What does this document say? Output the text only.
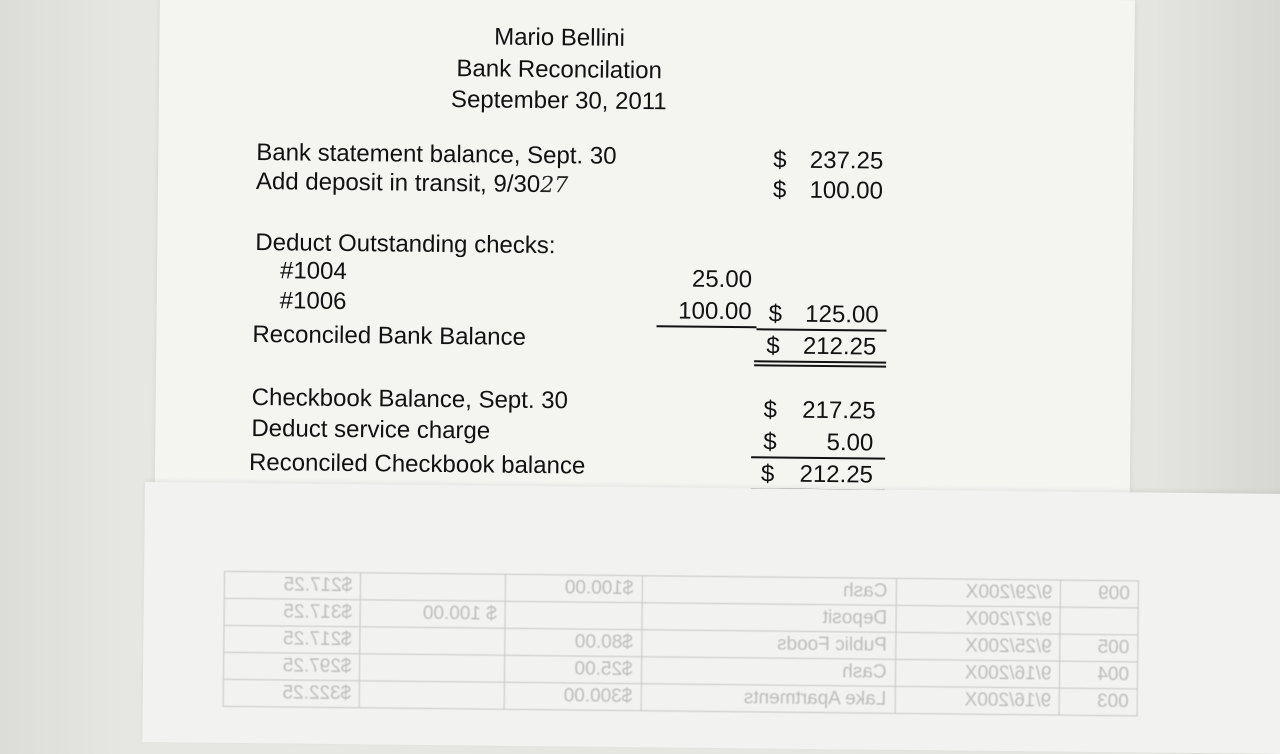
Mario Bellini
Bank Reconcilation
September 30, 2011
Bank statement balance, Sept. 30	$ 237.25
Add deposit in transit, 9/3027	$ 100.00
Deduct Outstanding checks:
#1004	25.00
#1006	100.00 $ 125.00
Reconciled Bank Balance	$ 212.25
Checkbook Balance, Sept. 30	$	217.25
Deduct service charge	$	5.00
Reconciled Checkbook balance	$	212.25
009	9/29/200X	Cash	$100.00		$217.25
	9/27/200X	Deposit		$ 100.00	$317.25
005	9/25/200X	Public Foods	$80.00		$217.25
004	9/16/200X	Cash	$25.00		$297.25
003	9/16/200X	Lake Apartments	$300.00		$322.25
